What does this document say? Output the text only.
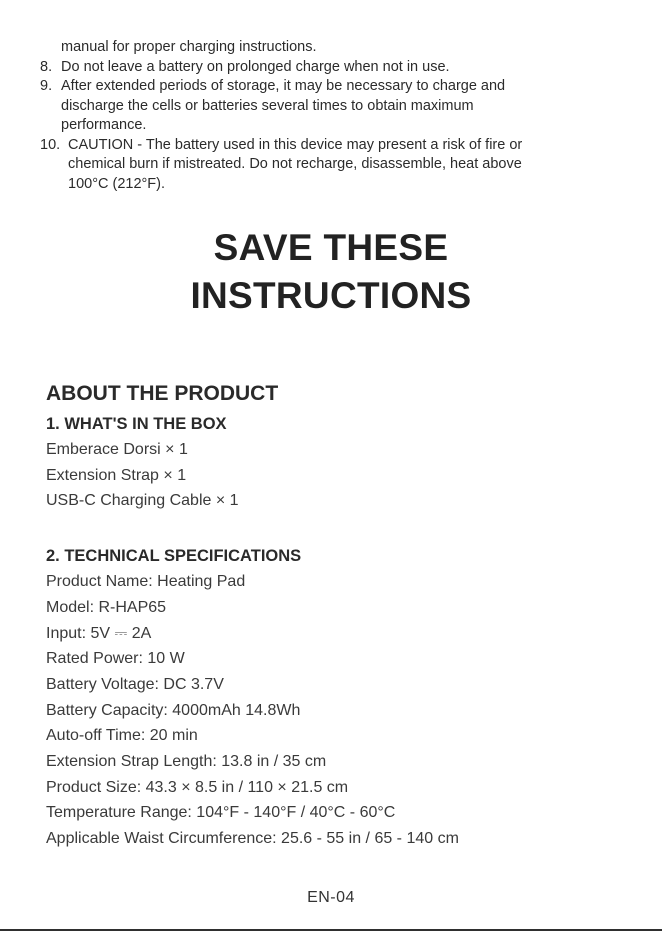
manual for proper charging instructions.
8. Do not leave a battery on prolonged charge when not in use.
9. After extended periods of storage, it may be necessary to charge and
discharge the cells or batteries several times to obtain maximum
performance.
10. CAUTION - The battery used in this device may present a risk of fire or
chemical burn if mistreated. Do not recharge, disassemble, heat above
100°C (212°F).
SAVE THESE
INSTRUCTIONS
ABOUT THE PRODUCT
1. WHAT'S IN THE BOX
Emberace Dorsi × 1
Extension Strap × 1
USB-C Charging Cable × 1
2. TECHNICAL SPECIFICATIONS
Product Name: Heating Pad
Model: R-HAP65
Input: 5V ⎓ 2A
Rated Power: 10 W
Battery Voltage: DC 3.7V
Battery Capacity: 4000mAh 14.8Wh
Auto-off Time: 20 min
Extension Strap Length: 13.8 in / 35 cm
Product Size: 43.3 × 8.5 in / 110 × 21.5 cm
Temperature Range: 104°F - 140°F / 40°C - 60°C
Applicable Waist Circumference: 25.6 - 55 in / 65 - 140 cm
EN-04
